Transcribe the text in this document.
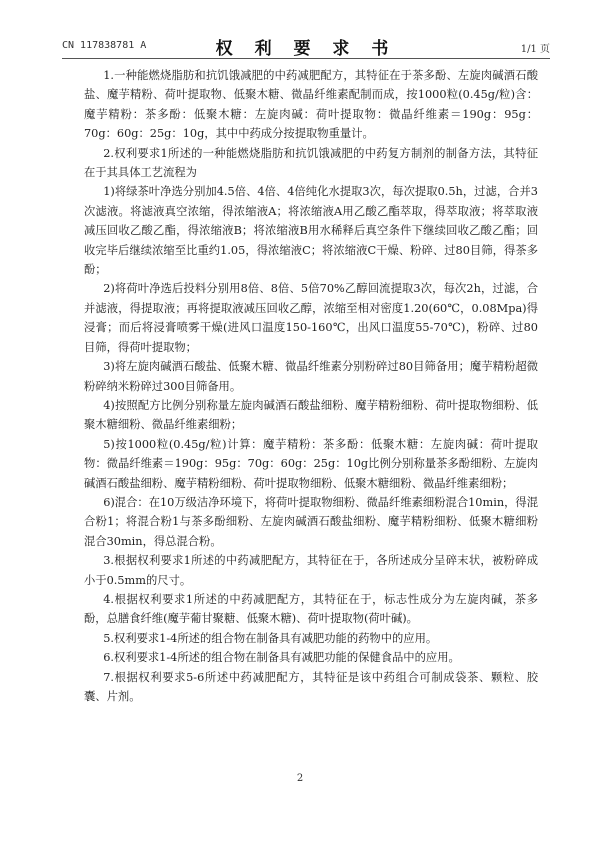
CN 117838781 A	权 利 要 求 书	1/1 页

1.一种能燃烧脂肪和抗饥饿减肥的中药减肥配方，其特征在于茶多酚、左旋肉碱酒石酸盐、魔芋精粉、荷叶提取物、低聚木糖、微晶纤维素配制而成，按1000粒(0.45g/粒)含：魔芋精粉：茶多酚：低聚木糖：左旋肉碱：荷叶提取物：微晶纤维素＝190g：95g：70g：60g：25g：10g，其中中药成分按提取物重量计。

2.权利要求1所述的一种能燃烧脂肪和抗饥饿减肥的中药复方制剂的制备方法，其特征在于其具体工艺流程为

1)将绿茶叶净选分别加4.5倍、4倍、4倍纯化水提取3次，每次提取0.5h，过滤，合并3次滤液。将滤液真空浓缩，得浓缩液A；将浓缩液A用乙酸乙酯萃取，得萃取液；将萃取液减压回收乙酸乙酯，得浓缩液B；将浓缩液B用水稀释后真空条件下继续回收乙酸乙酯；回收完毕后继续浓缩至比重约1.05，得浓缩液C；将浓缩液C干燥、粉碎、过80目筛，得茶多酚；

2)将荷叶净选后投料分别用8倍、8倍、5倍70%乙醇回流提取3次，每次2h，过滤，合并滤液，得提取液；再将提取液减压回收乙醇，浓缩至相对密度1.20(60℃，0.08Mpa)得浸膏；而后将浸膏喷雾干燥(进风口温度150-160℃，出风口温度55-70℃)，粉碎、过80目筛，得荷叶提取物；

3)将左旋肉碱酒石酸盐、低聚木糖、微晶纤维素分别粉碎过80目筛备用；魔芋精粉超微粉碎纳米粉碎过300目筛备用。

4)按照配方比例分别称量左旋肉碱酒石酸盐细粉、魔芋精粉细粉、荷叶提取物细粉、低聚木糖细粉、微晶纤维素细粉；

5)按1000粒(0.45g/粒)计算：魔芋精粉：茶多酚：低聚木糖：左旋肉碱：荷叶提取物：微晶纤维素＝190g：95g：70g：60g：25g：10g比例分别称量茶多酚细粉、左旋肉碱酒石酸盐细粉、魔芋精粉细粉、荷叶提取物细粉、低聚木糖细粉、微晶纤维素细粉；

6)混合：在10万级洁净环境下，将荷叶提取物细粉、微晶纤维素细粉混合10min，得混合粉1；将混合粉1与茶多酚细粉、左旋肉碱酒石酸盐细粉、魔芋精粉细粉、低聚木糖细粉混合30min，得总混合粉。

3.根据权利要求1所述的中药减肥配方，其特征在于，各所述成分呈碎末状，被粉碎成小于0.5mm的尺寸。

4.根据权利要求1所述的中药减肥配方，其特征在于，标志性成分为左旋肉碱，茶多酚，总膳食纤维(魔芋葡甘聚糖、低聚木糖)、荷叶提取物(荷叶碱)。

5.权利要求1-4所述的组合物在制备具有减肥功能的药物中的应用。

6.权利要求1-4所述的组合物在制备具有减肥功能的保健食品中的应用。

7.根据权利要求5-6所述中药减肥配方，其特征是该中药组合可制成袋茶、颗粒、胶囊、片剂。

2
